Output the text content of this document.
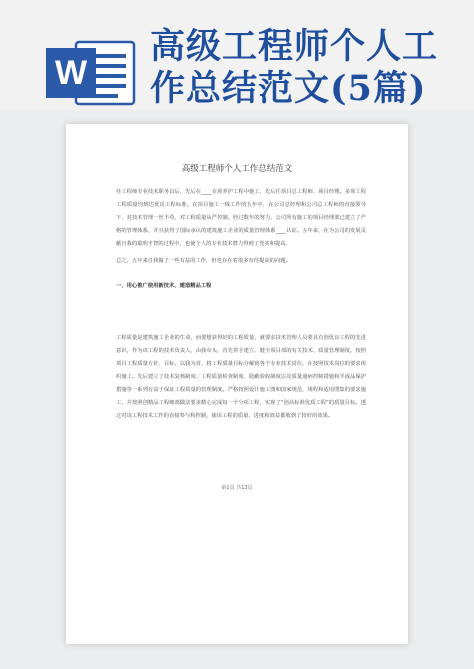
W
高级工程师个人工作总结范文(5篇)
高级工程师个人工作总结范文
任工程师专业技术职务以后，先后在____专项养护工程中施工，先后任项目总工程师、项目经理。多项工程工程质量均到达优良工程标准。在项目施工一线工作的五年中，在公司总经理和公司总工程师的直接领导下，对技术管理一丝不苟，对工程质量从严控制。经过数年的努力，公司所有施工的项目经理部已建立了严格的管理体系，并且获得了国际承认的建筑施工企业的质量管理体系____认证。五年来，在为公司的发展贡献自我的聪明才智的过程中，也使个人的专业技术潜力得到了充实和提高。
总之，五年来自我做了一些有益的工作，但也存在着很多有待提高的问题。
一、用心推广使用新技术，建造精品工程
工程质量是建筑施工企业的生命，而要想获得好的工程质量，就要求技术管理人员要具有创优良工程的先进意识，作为该工程的技术负责人，由我牵头，首先着手建立、健全项目部的有关技术、质量管理制度。按照项目工程质量方针、目标，以我为首，将工程质量目标分解到各个专业技术岗位，在按照技术岗位的要求组织施工。先后建立了技术复核制度、工程质量检查制度、隐蔽验收制度以及质量通病控制措施和半成品保护措施等一系列有益于保证工程质量的管理制度。严格按照设计施工图和国家规范、规程和适用图集的要求施工，并按照创精品工程细部做法要求精心完成每一个分项工程，实现了“创高标准优质工程”的质量目标。透过对该工程技术工作的直接参与和控制，使该工程的质量、进度和效益都收到了较好的效果。
第1页 共13页
